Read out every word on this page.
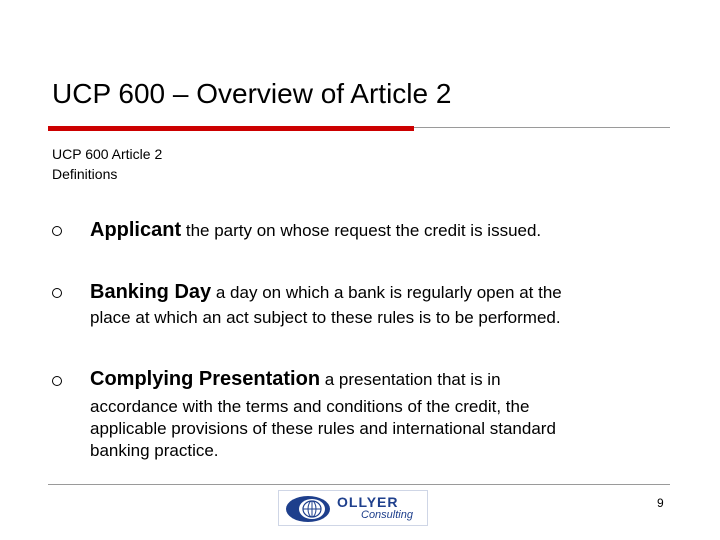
UCP 600 – Overview of Article 2
UCP 600 Article 2
Definitions
Applicant the party on whose request the credit is issued.
Banking Day a day on which a bank is regularly open at the
place at which an act subject to these rules is to be performed.
Complying Presentation a presentation that is in
accordance with the terms and conditions of the credit, the
applicable provisions of these rules and international standard
banking practice.
OLLYER
Consulting
9
